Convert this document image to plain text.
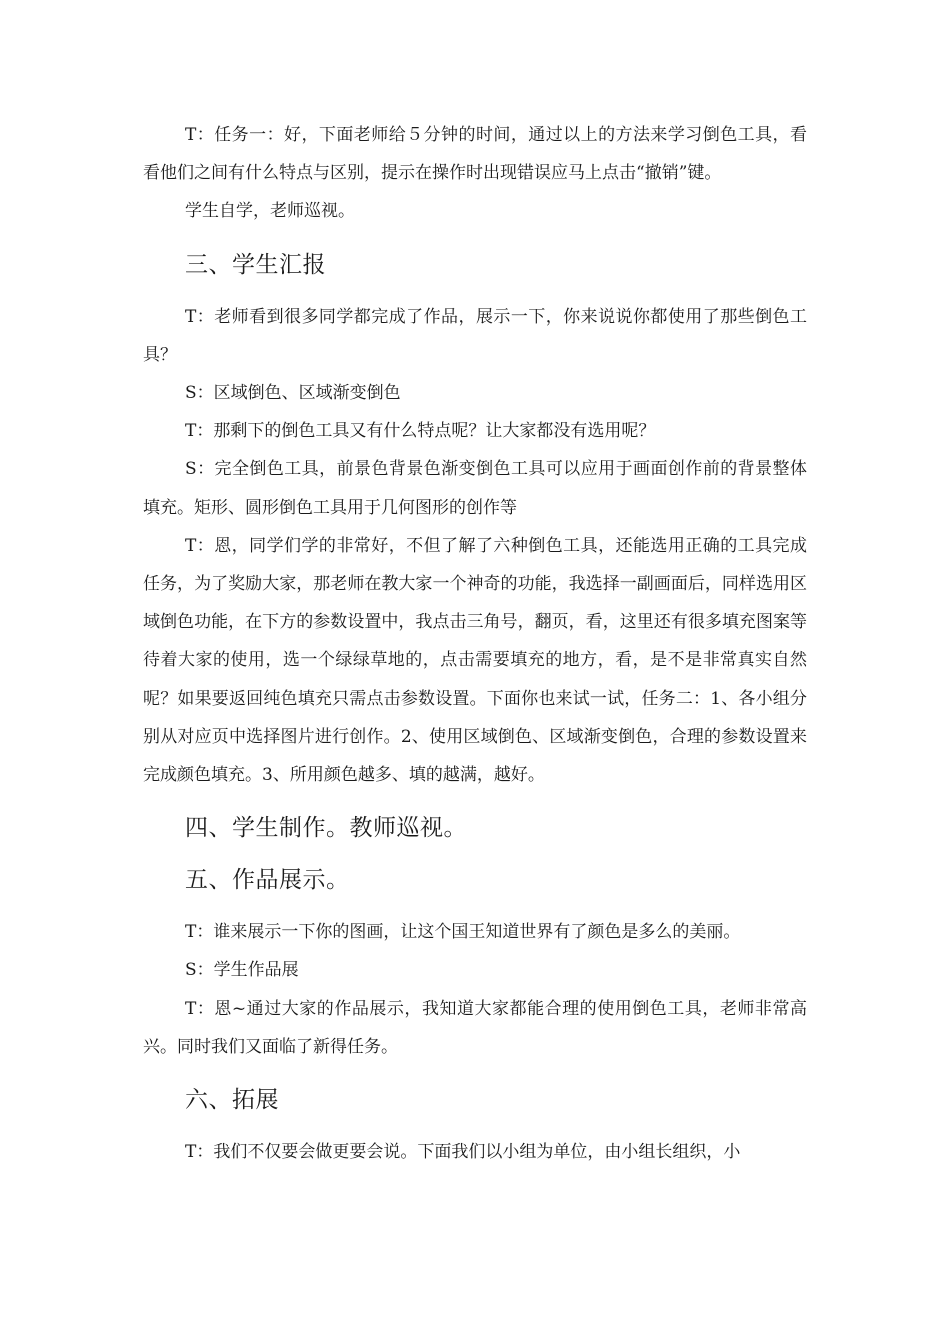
T：任务一：好，下面老师给５分钟的时间，通过以上的方法来学习倒色工具，看看他们之间有什么特点与区别，提示在操作时出现错误应马上点击“撤销”键。

学生自学，老师巡视。

三、学生汇报

T：老师看到很多同学都完成了作品，展示一下，你来说说你都使用了那些倒色工具？

S：区域倒色、区域渐变倒色

T：那剩下的倒色工具又有什么特点呢？让大家都没有选用呢？

S：完全倒色工具，前景色背景色渐变倒色工具可以应用于画面创作前的背景整体填充。矩形、圆形倒色工具用于几何图形的创作等

T：恩，同学们学的非常好，不但了解了六种倒色工具，还能选用正确的工具完成任务，为了奖励大家，那老师在教大家一个神奇的功能，我选择一副画面后，同样选用区域倒色功能，在下方的参数设置中，我点击三角号，翻页，看，这里还有很多填充图案等待着大家的使用，选一个绿绿草地的，点击需要填充的地方，看，是不是非常真实自然呢？如果要返回纯色填充只需点击参数设置。下面你也来试一试，任务二：1、各小组分别从对应页中选择图片进行创作。2、使用区域倒色、区域渐变倒色，合理的参数设置来完成颜色填充。3、所用颜色越多、填的越满，越好。

四、学生制作。教师巡视。
五、作品展示。

T：谁来展示一下你的图画，让这个国王知道世界有了颜色是多么的美丽。

S：学生作品展

T：恩~通过大家的作品展示，我知道大家都能合理的使用倒色工具，老师非常高兴。同时我们又面临了新得任务。

六、拓展

T：我们不仅要会做更要会说。下面我们以小组为单位，由小组长组织，小
